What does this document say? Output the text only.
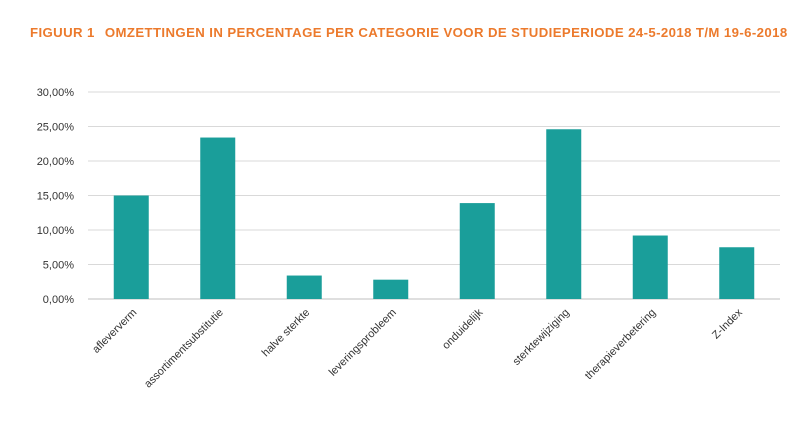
FIGUUR 1 OMZETTINGEN IN PERCENTAGE PER CATEGORIE VOOR DE STUDIEPERIODE 24-5-2018 T/M 19-6-2018
0,00%
5,00%
10,00%
15,00%
20,00%
25,00%
30,00%
afleververm assortimentsubstitutie	halve sterkte leveringsprobleem	onduidelijk sterktewijziging therapieverbetering	Z-Index
